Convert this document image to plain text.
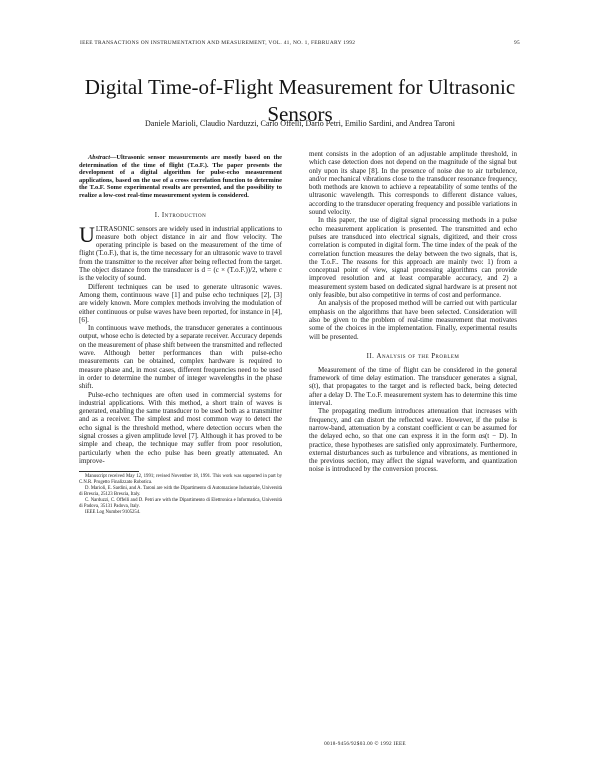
IEEE TRANSACTIONS ON INSTRUMENTATION AND MEASUREMENT, VOL. 41, NO. 1, FEBRUARY 1992	95
Digital Time-of-Flight Measurement for Ultrasonic Sensors
Daniele Marioli, Claudio Narduzzi, Carlo Offelli, Dario Petri, Emilio Sardini, and Andrea Taroni

Abstract—Ultrasonic sensor measurements are mostly based on the determination of the time of flight (T.o.F.). The paper presents the development of a digital algorithm for pulse-echo measurement applications, based on the use of a cross correlation function to determine the T.o.F. Some experimental results are presented, and the possibility to realize a low-cost real-time measurement system is considered.

I. Introduction

ULTRASONIC sensors are widely used in industrial applications to measure both object distance in air and flow velocity. The operating principle is based on the measurement of the time of flight (T.o.F.), that is, the time necessary for an ultrasonic wave to travel from the transmitter to the receiver after being reflected from the target. The object distance from the transducer is d = (c × (T.o.F.))/2, where c is the velocity of sound.

Different techniques can be used to generate ultrasonic waves. Among them, continuous wave [1] and pulse echo techniques [2], [3] are widely known. More complex methods involving the modulation of either continuous or pulse waves have been reported, for instance in [4], [6].

In continuous wave methods, the transducer generates a continuous output, whose echo is detected by a separate receiver. Accuracy depends on the measurement of phase shift between the transmitted and reflected wave. Although better performances than with pulse-echo measurements can be obtained, complex hardware is required to measure phase and, in most cases, different frequencies need to be used in order to determine the number of integer wavelengths in the phase shift.

Pulse-echo techniques are often used in commercial systems for industrial applications. With this method, a short train of waves is generated, enabling the same transducer to be used both as a transmitter and as a receiver. The simplest and most common way to detect the echo signal is the threshold method, where detection occurs when the signal crosses a given amplitude level [7]. Although it has proved to be simple and cheap, the technique may suffer from poor resolution, particularly when the echo pulse has been greatly attenuated. An improve-

Manuscript received May 12, 1991; revised November 18, 1991. This work was supported in part by C.N.R. Progetto Finalizzato Robotica.

D. Marioli, E. Sardini, and A. Taroni are with the Dipartimento di Automazione Industriale, Università di Brescia, 25123 Brescia, Italy.

C. Narduzzi, C. Offelli and D. Petri are with the Dipartimento di Elettronica e Informatica, Università di Padova, 35131 Padova, Italy.

IEEE Log Number 9105254.

ment consists in the adoption of an adjustable amplitude threshold, in which case detection does not depend on the magnitude of the signal but only upon its shape [8]. In the presence of noise due to air turbulence, and/or mechanical vibrations close to the transducer resonance frequency, both methods are known to achieve a repeatability of some tenths of the ultrasonic wavelength. This corresponds to different distance values, according to the transducer operating frequency and possible variations in sound velocity.

In this paper, the use of digital signal processing methods in a pulse echo measurement application is presented. The transmitted and echo pulses are transduced into electrical signals, digitized, and their cross correlation is computed in digital form. The time index of the peak of the correlation function measures the delay between the two signals, that is, the T.o.F.. The reasons for this approach are mainly two: 1) from a conceptual point of view, signal processing algorithms can provide improved resolution and at least comparable accuracy, and 2) a measurement system based on dedicated signal hardware is at present not only feasible, but also competitive in terms of cost and performance.

An analysis of the proposed method will be carried out with particular emphasis on the algorithms that have been selected. Consideration will also be given to the problem of real-time measurement that motivates some of the choices in the implementation. Finally, experimental results will be presented.

II. Analysis of the Problem

Measurement of the time of flight can be considered in the general framework of time delay estimation. The transducer generates a signal, s(t), that propagates to the target and is reflected back, being detected after a delay D. The T.o.F. measurement system has to determine this time interval.

The propagating medium introduces attenuation that increases with frequency, and can distort the reflected wave. However, if the pulse is narrow-band, attenuation by a constant coefficient α can be assumed for the delayed echo, so that one can express it in the form αs(t − D). In practice, these hypotheses are satisfied only approximately. Furthermore, external disturbances such as turbulence and vibrations, as mentioned in the previous section, may affect the signal waveform, and quantization noise is introduced by the conversion process.

0018-9456/92$03.00 © 1992 IEEE
